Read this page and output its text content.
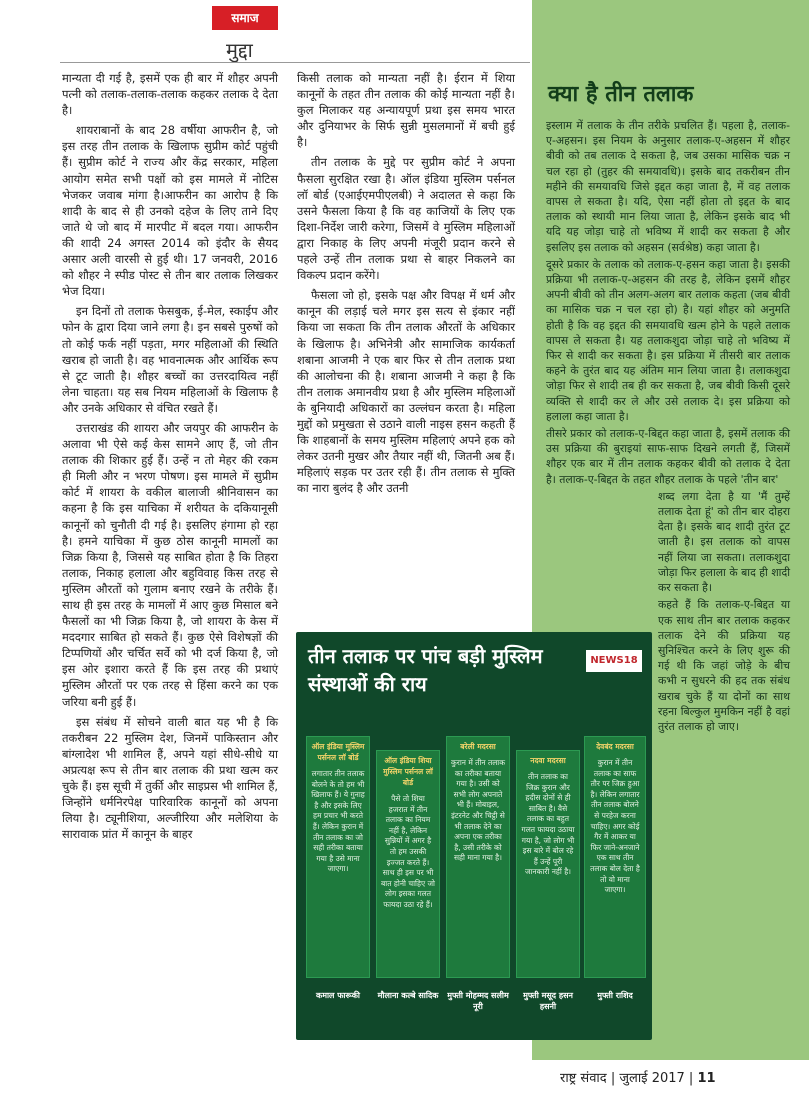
समाज
मुद्दा

मान्यता दी गई है, इसमें एक ही बार में शौहर अपनी पत्नी को तलाक-तलाक-तलाक कहकर तलाक दे देता है।

शायराबानों के बाद 28 वर्षीया आफरीन है, जो इस तरह तीन तलाक के खिलाफ सुप्रीम कोर्ट पहुंची हैं। सुप्रीम कोर्ट ने राज्य और केंद्र सरकार, महिला आयोग समेत सभी पक्षों को इस मामले में नोटिस भेजकर जवाब मांगा है।आफरीन का आरोप है कि शादी के बाद से ही उनको दहेज के लिए ताने दिए जाते थे जो बाद में मारपीट में बदल गया। आफरीन की शादी 24 अगस्त 2014 को इंदौर के सैयद असार अली वारसी से हुई थी। 17 जनवरी, 2016 को शौहर ने स्पीड पोस्ट से तीन बार तलाक लिखकर भेज दिया।

इन दिनों तो तलाक फेसबुक, ई-मेल, स्काईप और फोन के द्वारा दिया जाने लगा है। इन सबसे पुरुषों को तो कोई फर्क नहीं पड़ता, मगर महिलाओं की स्थिति खराब हो जाती है। वह भावनात्मक और आर्थिक रूप से टूट जाती है। शौहर बच्चों का उत्तरदायित्व नहीं लेना चाहता। यह सब नियम महिलाओं के खिलाफ है और उनके अधिकार से वंचित रखते हैं।

उत्तराखंड की शायरा और जयपुर की आफरीन के अलावा भी ऐसे कई केस सामने आए हैं, जो तीन तलाक की शिकार हुई हैं। उन्हें न तो मेहर की रकम ही मिली और न भरण पोषण। इस मामले में सुप्रीम कोर्ट में शायरा के वकील बालाजी श्रीनिवासन का कहना है कि इस याचिका में शरीयत के दकियानूसी कानूनों को चुनौती दी गई है। इसलिए हंगामा हो रहा है। हमने याचिका में कुछ ठोस कानूनी मामलों का जिक्र किया है, जिससे यह साबित होता है कि तिहरा तलाक, निकाह हलाला और बहुविवाह किस तरह से मुस्लिम औरतों को गुलाम बनाए रखने के तरीके हैं। साथ ही इस तरह के मामलों में आए कुछ मिसाल बने फैसलों का भी जिक्र किया है, जो शायरा के केस में मददगार साबित हो सकते हैं। कुछ ऐसे विशेषज्ञों की टिप्पणियों और चर्चित सर्वे को भी दर्ज किया है, जो इस ओर इशारा करते हैं कि इस तरह की प्रथाएं मुस्लिम औरतों पर एक तरह से हिंसा करने का एक जरिया बनी हुई हैं।

इस संबंध में सोचने वाली बात यह भी है कि तकरीबन 22 मुस्लिम देश, जिनमें पाकिस्तान और बांग्लादेश भी शामिल हैं, अपने यहां सीधे-सीधे या अप्रत्यक्ष रूप से तीन बार तलाक की प्रथा खत्म कर चुके हैं। इस सूची में तुर्की और साइप्रस भी शामिल हैं, जिन्होंने धर्मनिरपेक्ष पारिवारिक कानूनों को अपना लिया है। ट्यूनीशिया, अल्जीरिया और मलेशिया के सारावाक प्रांत में कानून के बाहर

किसी तलाक को मान्यता नहीं है। ईरान में शिया कानूनों के तहत तीन तलाक की कोई मान्यता नहीं है। कुल मिलाकर यह अन्यायपूर्ण प्रथा इस समय भारत और दुनियाभर के सिर्फ सुन्नी मुसलमानों में बची हुई है।

तीन तलाक के मुद्दे पर सुप्रीम कोर्ट ने अपना फैसला सुरक्षित रखा है। ऑल इंडिया मुस्लिम पर्सनल लॉ बोर्ड (एआईएमपीएलबी) ने अदालत से कहा कि उसने फैसला किया है कि वह काजियों के लिए एक दिशा-निर्देश जारी करेगा, जिसमें वे मुस्लिम महिलाओं द्वारा निकाह के लिए अपनी मंजूरी प्रदान करने से पहले उन्हें तीन तलाक प्रथा से बाहर निकलने का विकल्प प्रदान करेंगे।

फैसला जो हो, इसके पक्ष और विपक्ष में धर्म और कानून की लड़ाई चले मगर इस सत्य से इंकार नहीं किया जा सकता कि तीन तलाक औरतों के अधिकार के खिलाफ है। अभिनेत्री और सामाजिक कार्यकर्ता शबाना आजमी ने एक बार फिर से तीन तलाक प्रथा की आलोचना की है। शबाना आजमी ने कहा है कि तीन तलाक अमानवीय प्रथा है और मुस्लिम महिलाओं के बुनियादी अधिकारों का उल्लंघन करता है। महिला मुद्दों को प्रमुखता से उठाने वाली नाइस हसन कहती हैं कि शाहबानों के समय मुस्लिम महिलाएं अपने हक को लेकर उतनी मुखर और तैयार नहीं थी, जितनी अब हैं। महिलाएं सड़क पर उतर रही हैं। तीन तलाक से मुक्ति का नारा बुलंद है और उतनी

क्या है तीन तलाक

इस्लाम में तलाक के तीन तरीके प्रचलित हैं। पहला है, तलाक-ए-अहसन। इस नियम के अनुसार तलाक-ए-अहसन में शौहर बीवी को तब तलाक दे सकता है, जब उसका मासिक चक्र न चल रहा हो (तुहर की समयावधि)। इसके बाद तकरीबन तीन महीने की समयावधि जिसे इद्दत कहा जाता है, में वह तलाक वापस ले सकता है। यदि, ऐसा नहीं होता तो इद्दत के बाद तलाक को स्थायी मान लिया जाता है, लेकिन इसके बाद भी यदि यह जोड़ा चाहे तो भविष्य में शादी कर सकता है और इसलिए इस तलाक को अहसन (सर्वश्रेष्ठ) कहा जाता है।

दूसरे प्रकार के तलाक को तलाक-ए-हसन कहा जाता है। इसकी प्रक्रिया भी तलाक-ए-अहसन की तरह है, लेकिन इसमें शौहर अपनी बीवी को तीन अलग-अलग बार तलाक कहता (जब बीवी का मासिक चक्र न चल रहा हो) है। यहां शौहर को अनुमति होती है कि वह इद्दत की समयावधि खत्म होने के पहले तलाक वापस ले सकता है। यह तलाकशुदा जोड़ा चाहे तो भविष्य में फिर से शादी कर सकता है। इस प्रक्रिया में तीसरी बार तलाक कहने के तुरंत बाद यह अंतिम मान लिया जाता है। तलाकशुदा जोड़ा फिर से शादी तब ही कर सकता है, जब बीवी किसी दूसरे व्यक्ति से शादी कर ले और उसे तलाक दे। इस प्रक्रिया को हलाला कहा जाता है।

तीसरे प्रकार को तलाक-ए-बिद्दत कहा जाता है, इसमें तलाक की उस प्रक्रिया की बुराइयां साफ-साफ दिखने लगती हैं, जिसमें शौहर एक बार में तीन तलाक कहकर बीवी को तलाक दे देता है। तलाक-ए-बिद्दत के तहत शौहर तलाक के पहले 'तीन बार'

शब्द लगा देता है या 'मैं तुम्हें तलाक देता हूं' को तीन बार दोहरा देता है। इसके बाद शादी तुरंत टूट जाती है। इस तलाक को वापस नहीं लिया जा सकता। तलाकशुदा जोड़ा फिर हलाला के बाद ही शादी कर सकता है।

कहते हैं कि तलाक-ए-बिद्दत या एक साथ तीन बार तलाक कहकर तलाक देने की प्रक्रिया यह सुनिश्चित करने के लिए शुरू की गई थी कि जहां जोड़े के बीच कभी न सुधरने की हद तक संबंध खराब चुके हैं या दोनों का साथ रहना बिल्कुल मुमकिन नहीं है वहां तुरंत तलाक हो जाए।

तीन तलाक पर पांच बड़ी मुस्लिम संस्थाओं की राय
NEWS18
ऑल इंडिया मुस्लिम पर्सनल लॉ बोर्ड
लगातार तीन तलाक बोलने के तो हम भी खिलाफ हैं। ये गुनाह है और इसके लिए हम प्रचार भी करते हैं। लेकिन कुरान में तीन तलाक का जो सही तरीका बताया गया है उसे माना जाएगा।
कमाल फारूकी
ऑल इंडिया शिया मुस्लिम पर्सनल लॉ बोर्ड
पैसे तो शिया हजरात में तीन तलाक का नियम नहीं है, लेकिन सुन्नियों में अगर है तो हम उसकी इज्जत करते हैं। साथ ही इस पर भी बात होनी चाहिए जो लोग इसका गलत फायदा उठा रहे हैं।
मौलाना कल्बे सादिक
बरेली मदरसा
कुरान में तीन तलाक का तरीका बताया गया है। उसी को सभी लोग अपनाते भी हैं। मोबाइल, इंटरनेट और चिट्ठी से भी तलाक देने का अपना एक तरीका है, उसी तरीके को सही माना गया है।
मुफ्ती मोहम्मद सलीम नूरी
नदवा मदरसा
तीन तलाक का जिक्र कुरान और हदीस दोनों से ही साबित है। वैसे तलाक का बहुत गलत फायदा उठाया गया है, जो लोग भी इस बारे में बोल रहे हैं उन्हें पूरी जानकारी नहीं है।
मुफ्ती मसूद हसन हसनी
देवबंद मदरसा
कुरान में तीन तलाक का साफ तौर पर जिक्र हुआ है। लेकिन लगातार तीन तलाक बोलने से परहेज करना चाहिए। अगर कोई गैर में आकर या फिर जाने-अनजाने एक साथ तीन तलाक बोल देता है तो वो माना जाएगा।
मुफ्ती राशिद
राष्ट्र संवाद | जुलाई 2017 | 11
